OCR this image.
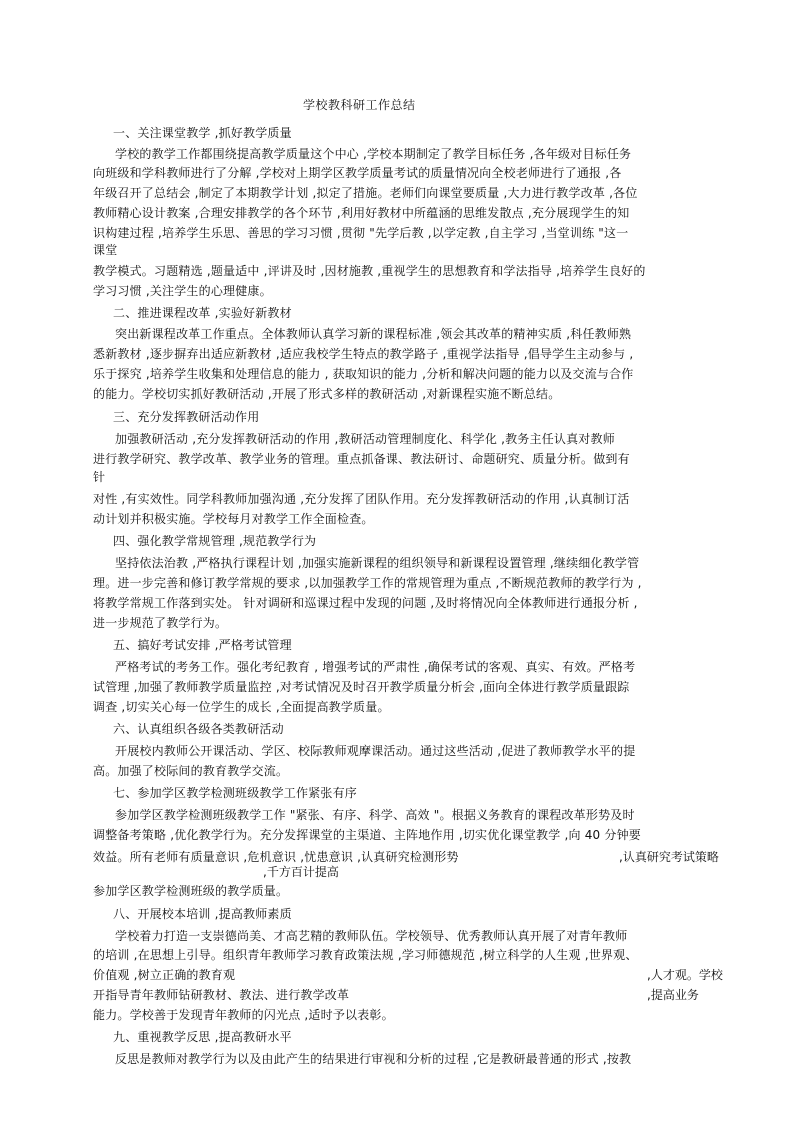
学校教科研工作总结
一、关注课堂教学 ,抓好教学质量
学校的教学工作都围绕提高教学质量这个中心 ,学校本期制定了教学目标任务 ,各年级对目标任务
向班级和学科教师进行了分解 ,学校对上期学区教学质量考试的质量情况向全校老师进行了通报 ,各
年级召开了总结会 ,制定了本期教学计划 ,拟定了措施。老师们向课堂要质量 ,大力进行教学改革 ,各位
教师精心设计教案 ,合理安排教学的各个环节 ,利用好教材中所蕴涵的思维发散点 ,充分展现学生的知
识构建过程 ,培养学生乐思、善思的学习习惯 ,贯彻 "先学后教 ,以学定教 ,自主学习 ,当堂训练 "这一
课堂
教学模式。习题精选 ,题量适中 ,评讲及时 ,因材施教 ,重视学生的思想教育和学法指导 ,培养学生良好的
学习习惯 ,关注学生的心理健康。
二、推进课程改革 ,实验好新教材
突出新课程改革工作重点。全体教师认真学习新的课程标准 ,领会其改革的精神实质 ,科任教师熟
悉新教材 ,逐步摒弃出适应新教材 ,适应我校学生特点的教学路子 ,重视学法指导 ,倡导学生主动参与 ,
乐于探究 ,培养学生收集和处理信息的能力 , 获取知识的能力 ,分析和解决问题的能力以及交流与合作
的能力。学校切实抓好教研活动 ,开展了形式多样的教研活动 ,对新课程实施不断总结。
三、充分发挥教研活动作用
加强教研活动 ,充分发挥教研活动的作用 ,教研活动管理制度化、科学化 ,教务主任认真对教师
进行教学研究、教学改革、教学业务的管理。重点抓备课、教法研讨、命题研究、质量分析。做到有
针
对性 ,有实效性。同学科教师加强沟通 ,充分发挥了团队作用。充分发挥教研活动的作用 ,认真制订活
动计划并积极实施。学校每月对教学工作全面检查。
四、强化教学常规管理 ,规范教学行为
坚持依法治教 ,严格执行课程计划 ,加强实施新课程的组织领导和新课程设置管理 ,继续细化教学管
理。进一步完善和修订教学常规的要求 ,以加强教学工作的常规管理为重点 ,不断规范教师的教学行为 ,
将教学常规工作落到实处。 针对调研和巡课过程中发现的问题 ,及时将情况向全体教师进行通报分析 ,
进一步规范了教学行为。
五、搞好考试安排 ,严格考试管理
严格考试的考务工作。强化考纪教育 , 增强考试的严肃性 ,确保考试的客观、真实、有效。严格考
试管理 ,加强了教师教学质量监控 ,对考试情况及时召开教学质量分析会 ,面向全体进行教学质量跟踪
调查 ,切实关心每一位学生的成长 ,全面提高教学质量。
六、认真组织各级各类教研活动
开展校内教师公开课活动、学区、校际教师观摩课活动。通过这些活动 ,促进了教师教学水平的提
高。加强了校际间的教育教学交流。
七、参加学区教学检测班级教学工作紧张有序
参加学区教学检测班级教学工作 "紧张、有序、科学、高效 "。根据义务教育的课程改革形势及时
调整备考策略 ,优化教学行为。充分发挥课堂的主渠道、主阵地作用 ,切实优化课堂教学 ,向 40 分钟要
效益。所有老师有质量意识 ,危机意识 ,忧患意识 ,认真研究检测形势	,认真研究考试策略
,千方百计提高
参加学区教学检测班级的教学质量。
八、开展校本培训 ,提高教师素质
学校着力打造一支崇德尚美、才高艺精的教师队伍。学校领导、优秀教师认真开展了对青年教师
的培训 ,在思想上引导。组织青年教师学习教育政策法规 ,学习师德规范 ,树立科学的人生观 ,世界观、
价值观 ,树立正确的教育观	,人才观。学校
开指导青年教师钻研教材、教法、进行教学改革	,提高业务
能力。学校善于发现青年教师的闪光点 ,适时予以表彰。
九、重视教学反思 ,提高教研水平
反思是教师对教学行为以及由此产生的结果进行审视和分析的过程 ,它是教研最普通的形式 ,按教
